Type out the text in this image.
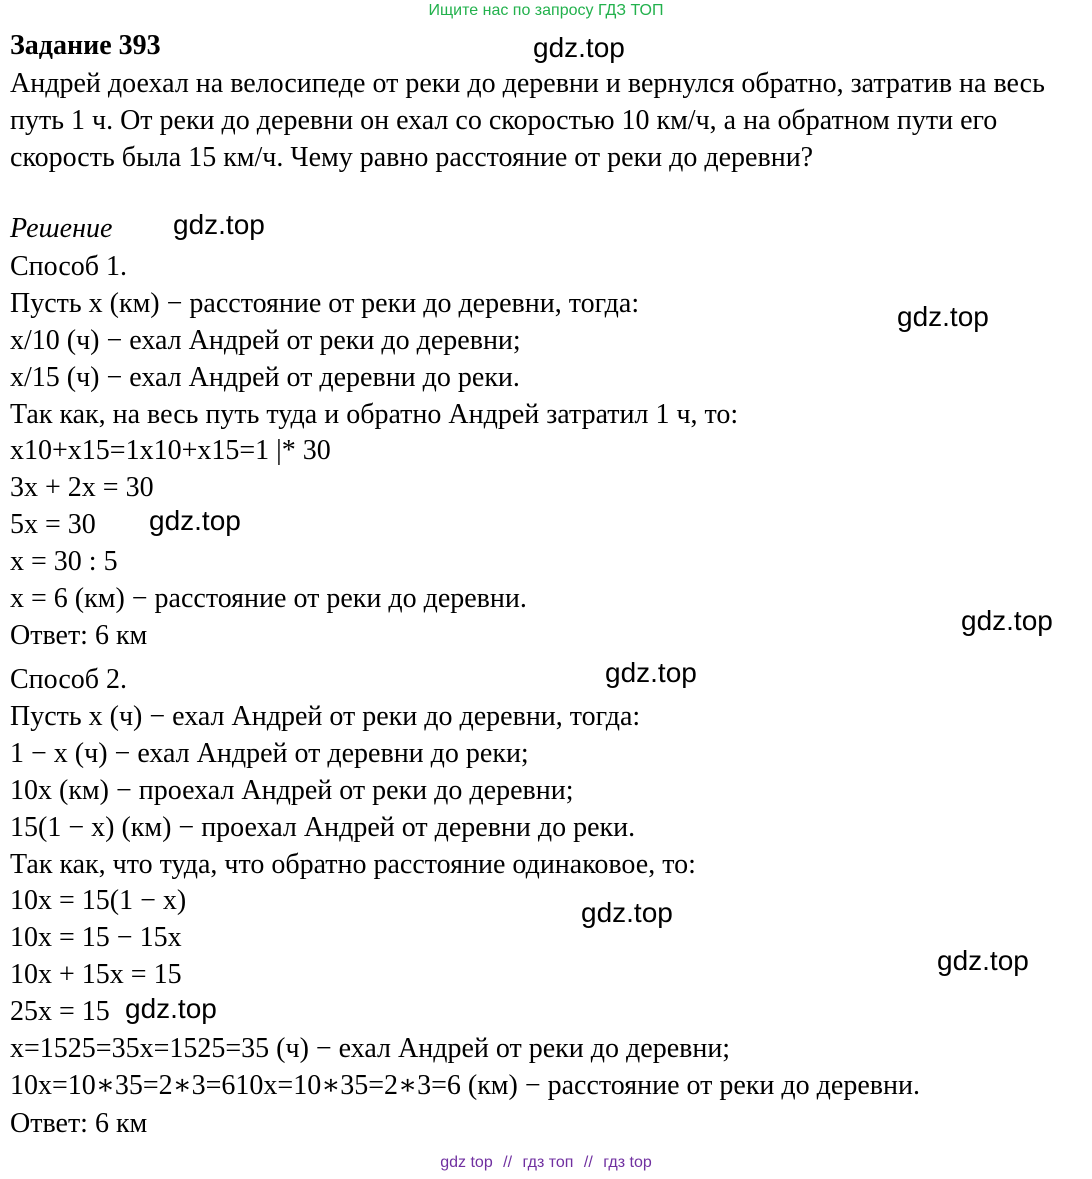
Ищите нас по запросу ГДЗ ТОП
Задание 393

Андрей доехал на велосипеде от реки до деревни и вернулся обратно, затратив на весь путь 1 ч. От реки до деревни он ехал со скоростью 10 км/ч, а на обратном пути его скорость была 15 км/ч. Чему равно расстояние от реки до деревни?

Решение
Способ 1.
Пусть x (км) − расстояние от реки до деревни, тогда:
x/10 (ч) − ехал Андрей от реки до деревни;
x/15 (ч) − ехал Андрей от деревни до реки.
Так как, на весь путь туда и обратно Андрей затратил 1 ч, то:
x10+x15=1x10+x15=1 |* 30
3x + 2x = 30
5x = 30
x = 30 : 5
x = 6 (км) − расстояние от реки до деревни.
Ответ: 6 км
Способ 2.
Пусть x (ч) − ехал Андрей от реки до деревни, тогда:
1 − x (ч) − ехал Андрей от деревни до реки;
10x (км) − проехал Андрей от реки до деревни;
15(1 − x) (км) − проехал Андрей от деревни до реки.
Так как, что туда, что обратно расстояние одинаковое, то:
10x = 15(1 − x)
10x = 15 − 15x
10x + 15x = 15
25x = 15
x=1525=35x=1525=35 (ч) − ехал Андрей от реки до деревни;
10x=10∗35=2∗3=610x=10∗35=2∗3=6 (км) − расстояние от реки до деревни.
Ответ: 6 км
gdz.top
gdz.top
gdz.top
gdz.top
gdz.top
gdz.top
gdz.top
gdz.top
gdz.top
gdz top // гдз топ // гдз top
